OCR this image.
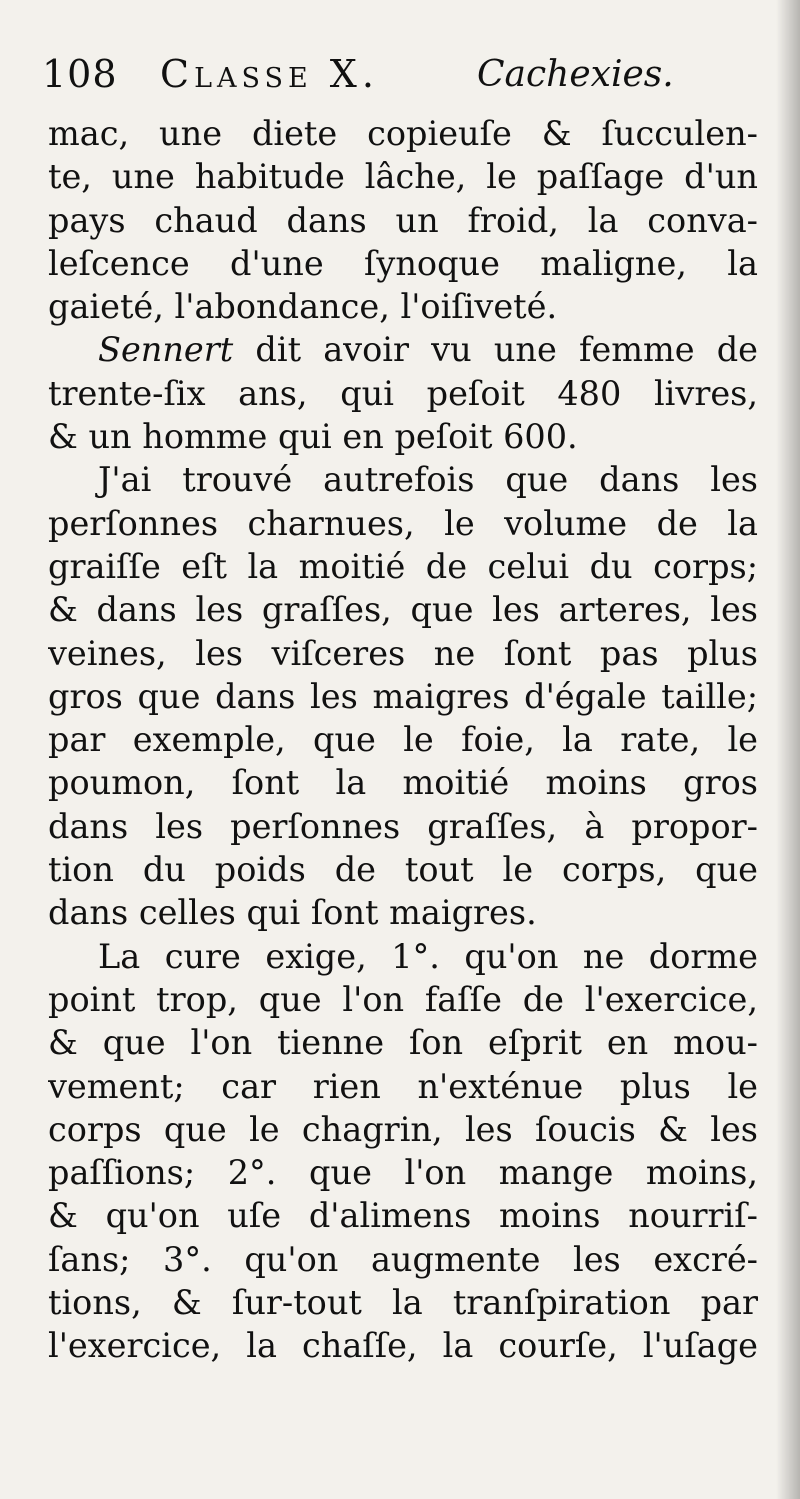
108 Classe X.	Cachexies.
mac, une diete copieuſe & ſucculen-
te, une habitude lâche, le paſſage d'un
pays chaud dans un froid, la conva-
leſcence d'une ſynoque maligne, la
gaieté, l'abondance, l'oiſiveté.
Sennert dit avoir vu une femme de
trente-ſix ans, qui peſoit 480 livres,
& un homme qui en peſoit 600.
J'ai trouvé autrefois que dans les
perſonnes charnues, le volume de la
graiſſe eſt la moitié de celui du corps;
& dans les graſſes, que les arteres, les
veines, les viſceres ne ſont pas plus
gros que dans les maigres d'égale taille;
par exemple, que le foie, la rate, le
poumon, ſont la moitié moins gros
dans les perſonnes graſſes, à propor-
tion du poids de tout le corps, que
dans celles qui ſont maigres.
La cure exige, 1°. qu'on ne dorme
point trop, que l'on faſſe de l'exercice,
& que l'on tienne ſon eſprit en mou-
vement; car rien n'exténue plus le
corps que le chagrin, les ſoucis & les
paſſions; 2°. que l'on mange moins,
& qu'on uſe d'alimens moins nourriſ-
ſans; 3°. qu'on augmente les excré-
tions, & ſur-tout la tranſpiration par
l'exercice, la chaſſe, la courſe, l'uſage
